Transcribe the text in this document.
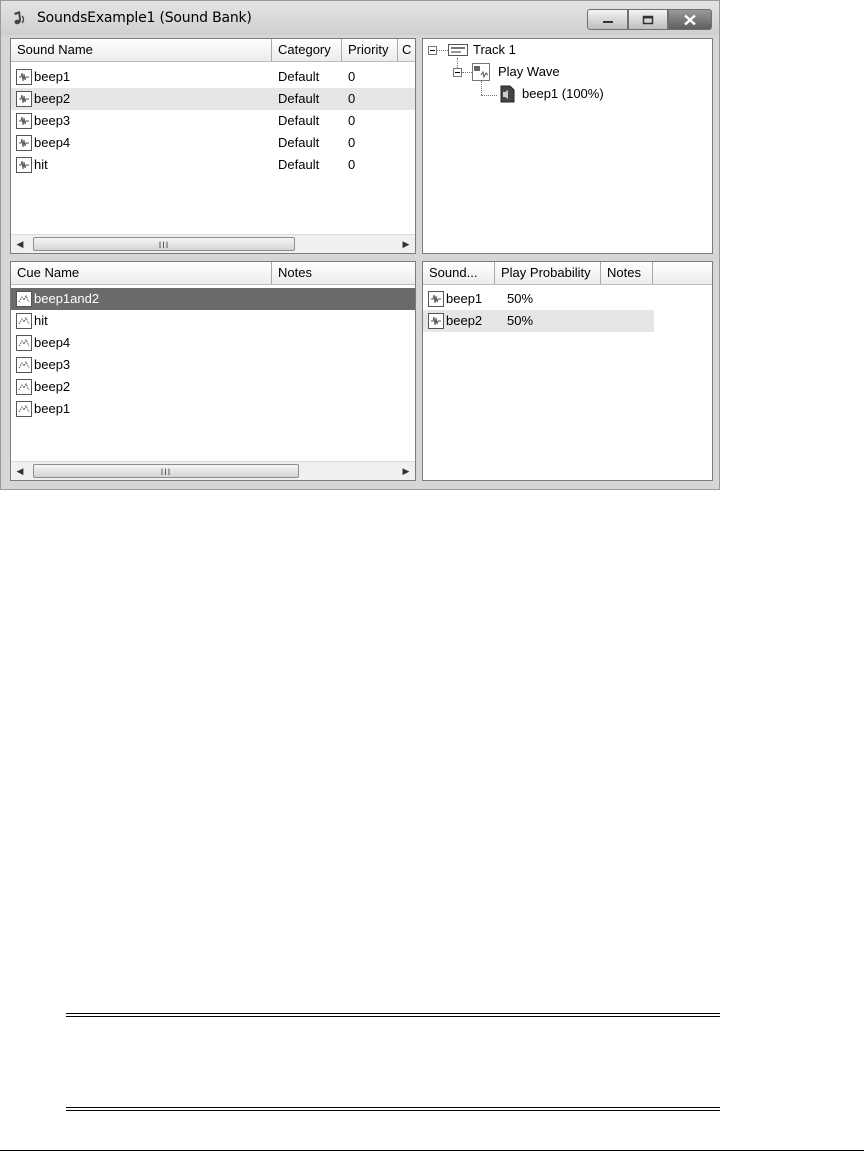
SoundsExample1 (Sound Bank)
Sound Name	Category	Priority	C
beep1	Default 0
beep2	Default 0
beep3	Default 0
beep4	Default 0
hit	Default 0
◀	III	▶
Track 1
Play Wave
beep1 (100%)
Cue Name	Notes
beep1and2
hit
beep4
beep3
beep2
beep1
◀	III	▶
Sound...	Play Probability	Notes
beep1 50%
beep2 50%
